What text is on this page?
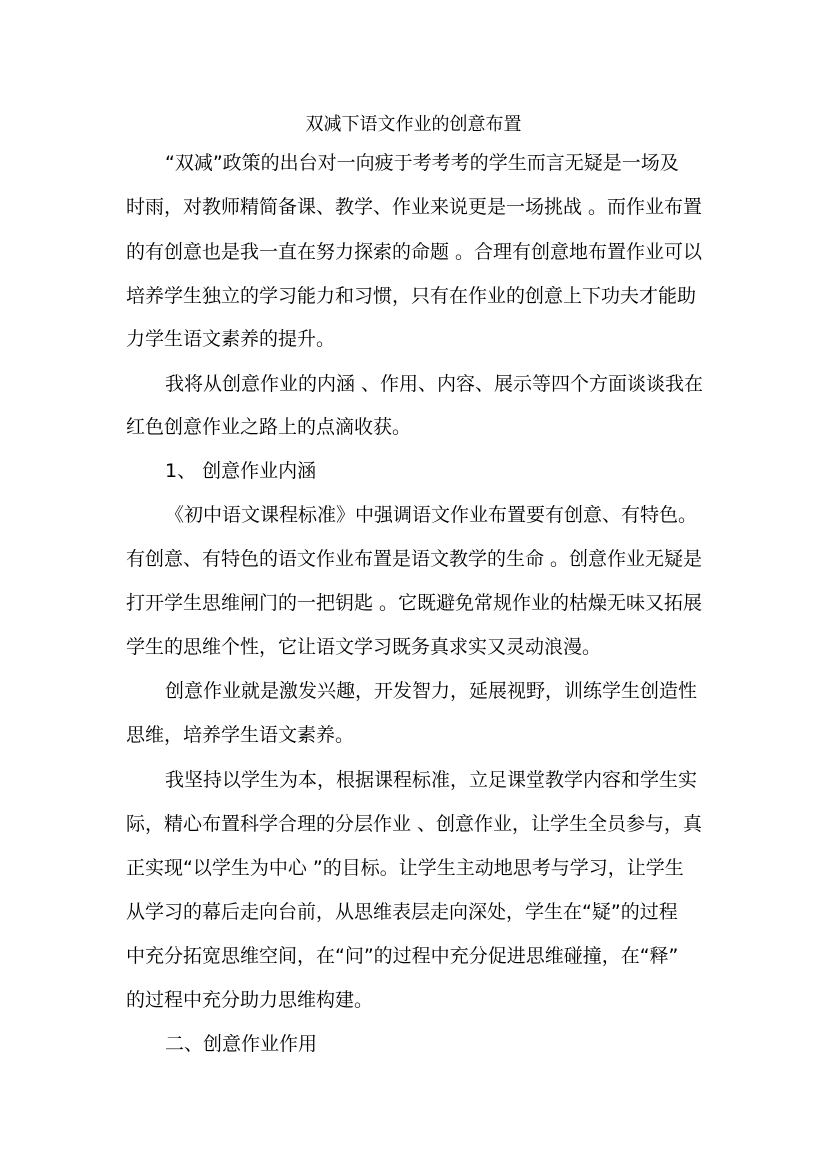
双减下语文作业的创意布置
“双减”政策的出台对一向疲于考考考的学生而言无疑是一场及
时雨，对教师精简备课、教学、作业来说更是一场挑战 。而作业布置
的有创意也是我一直在努力探索的命题 。合理有创意地布置作业可以
培养学生独立的学习能力和习惯，只有在作业的创意上下功夫才能助
力学生语文素养的提升。
我将从创意作业的内涵 、作用、内容、展示等四个方面谈谈我在
红色创意作业之路上的点滴收获。
1、 创意作业内涵
《初中语文课程标准》中强调语文作业布置要有创意、有特色。
有创意、有特色的语文作业布置是语文教学的生命 。创意作业无疑是
打开学生思维闸门的一把钥匙 。它既避免常规作业的枯燥无味又拓展
学生的思维个性，它让语文学习既务真求实又灵动浪漫。
创意作业就是激发兴趣，开发智力，延展视野，训练学生创造性
思维，培养学生语文素养。
我坚持以学生为本，根据课程标准，立足课堂教学内容和学生实
际，精心布置科学合理的分层作业 、创意作业，让学生全员参与，真
正实现“以学生为中心 ”的目标。让学生主动地思考与学习，让学生
从学习的幕后走向台前，从思维表层走向深处，学生在“疑”的过程
中充分拓宽思维空间，在“问”的过程中充分促进思维碰撞，在“释”
的过程中充分助力思维构建。
二、创意作业作用
